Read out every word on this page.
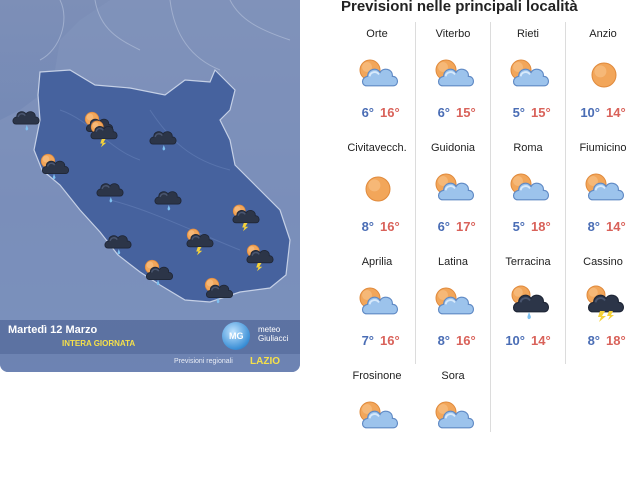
Martedì 12 Marzo
INTERA GIORNATA
MG
meteo
Giuliacci
Previsioni regionali LAZIO
Previsioni nelle principali località
Orte
6° 16°
Viterbo
6° 15°
Rieti
5° 15°
Anzio
10° 14°
Civitavecch.
8° 16°
Guidonia
6° 17°
Roma
5° 18°
Fiumicino
8° 14°
Aprilia
7° 16°
Latina
8° 16°
Terracina
10° 14°
Cassino
8° 18°
Frosinone	Sora
